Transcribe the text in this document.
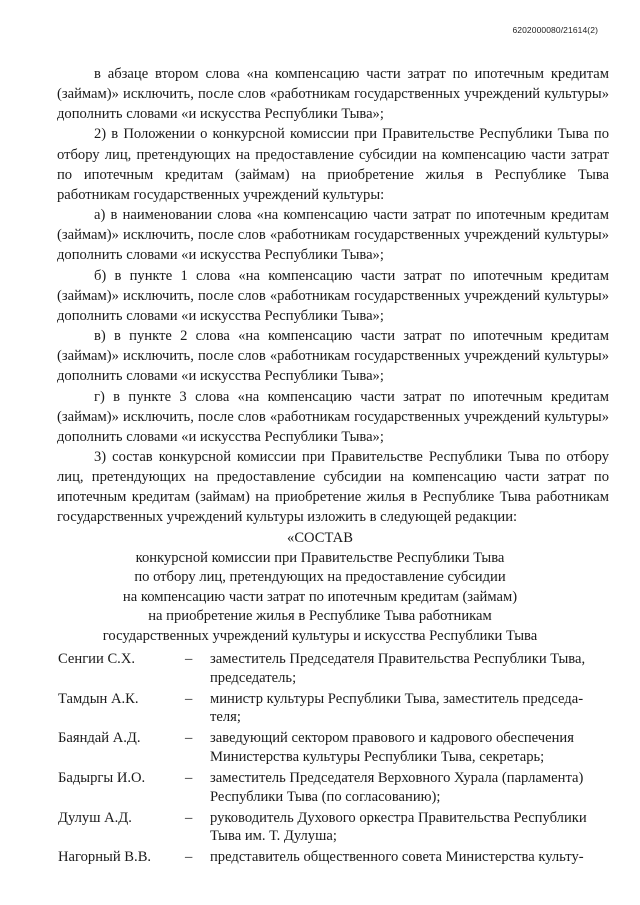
6202000080/21614(2)

в абзаце втором слова «на компенсацию части затрат по ипотечным кредитам (займам)» исключить, после слов «работникам государственных учреждений культуры» дополнить словами «и искусства Республики Тыва»;

2) в Положении о конкурсной комиссии при Правительстве Республики Тыва по отбору лиц, претендующих на предоставление субсидии на компенсацию части затрат по ипотечным кредитам (займам) на приобретение жилья в Республике Тыва работникам государственных учреждений культуры:

а) в наименовании слова «на компенсацию части затрат по ипотечным кредитам (займам)» исключить, после слов «работникам государственных учреждений культуры» дополнить словами «и искусства Республики Тыва»;

б) в пункте 1 слова «на компенсацию части затрат по ипотечным кредитам (займам)» исключить, после слов «работникам государственных учреждений культуры» дополнить словами «и искусства Республики Тыва»;

в) в пункте 2 слова «на компенсацию части затрат по ипотечным кредитам (займам)» исключить, после слов «работникам государственных учреждений культуры» дополнить словами «и искусства Республики Тыва»;

г) в пункте 3 слова «на компенсацию части затрат по ипотечным кредитам (займам)» исключить, после слов «работникам государственных учреждений культуры» дополнить словами «и искусства Республики Тыва»;

3) состав конкурсной комиссии при Правительстве Республики Тыва по отбору лиц, претендующих на предоставление субсидии на компенсацию части затрат по ипотечным кредитам (займам) на приобретение жилья в Республике Тыва работникам государственных учреждений культуры изложить в следующей редакции:

«СОСТАВ
конкурсной комиссии при Правительстве Республики Тыва
по отбору лиц, претендующих на предоставление субсидии
на компенсацию части затрат по ипотечным кредитам (займам)
на приобретение жилья в Республике Тыва работникам
государственных учреждений культуры и искусства Республики Тыва
Сенгии С.Х.	–	заместитель Председателя Правительства Республики Тыва,
председатель;
Тамдын А.К.	–	министр культуры Республики Тыва, заместитель председа-
теля;
Баяндай А.Д.	–	заведующий сектором правового и кадрового обеспечения
Министерства культуры Республики Тыва, секретарь;
Бадыргы И.О.	–	заместитель Председателя Верховного Хурала (парламента)
Республики Тыва (по согласованию);
Дулуш А.Д.	–	руководитель Духового оркестра Правительства Республики
Тыва им. Т. Дулуша;
Нагорный В.В.	–	представитель общественного совета Министерства культу-
